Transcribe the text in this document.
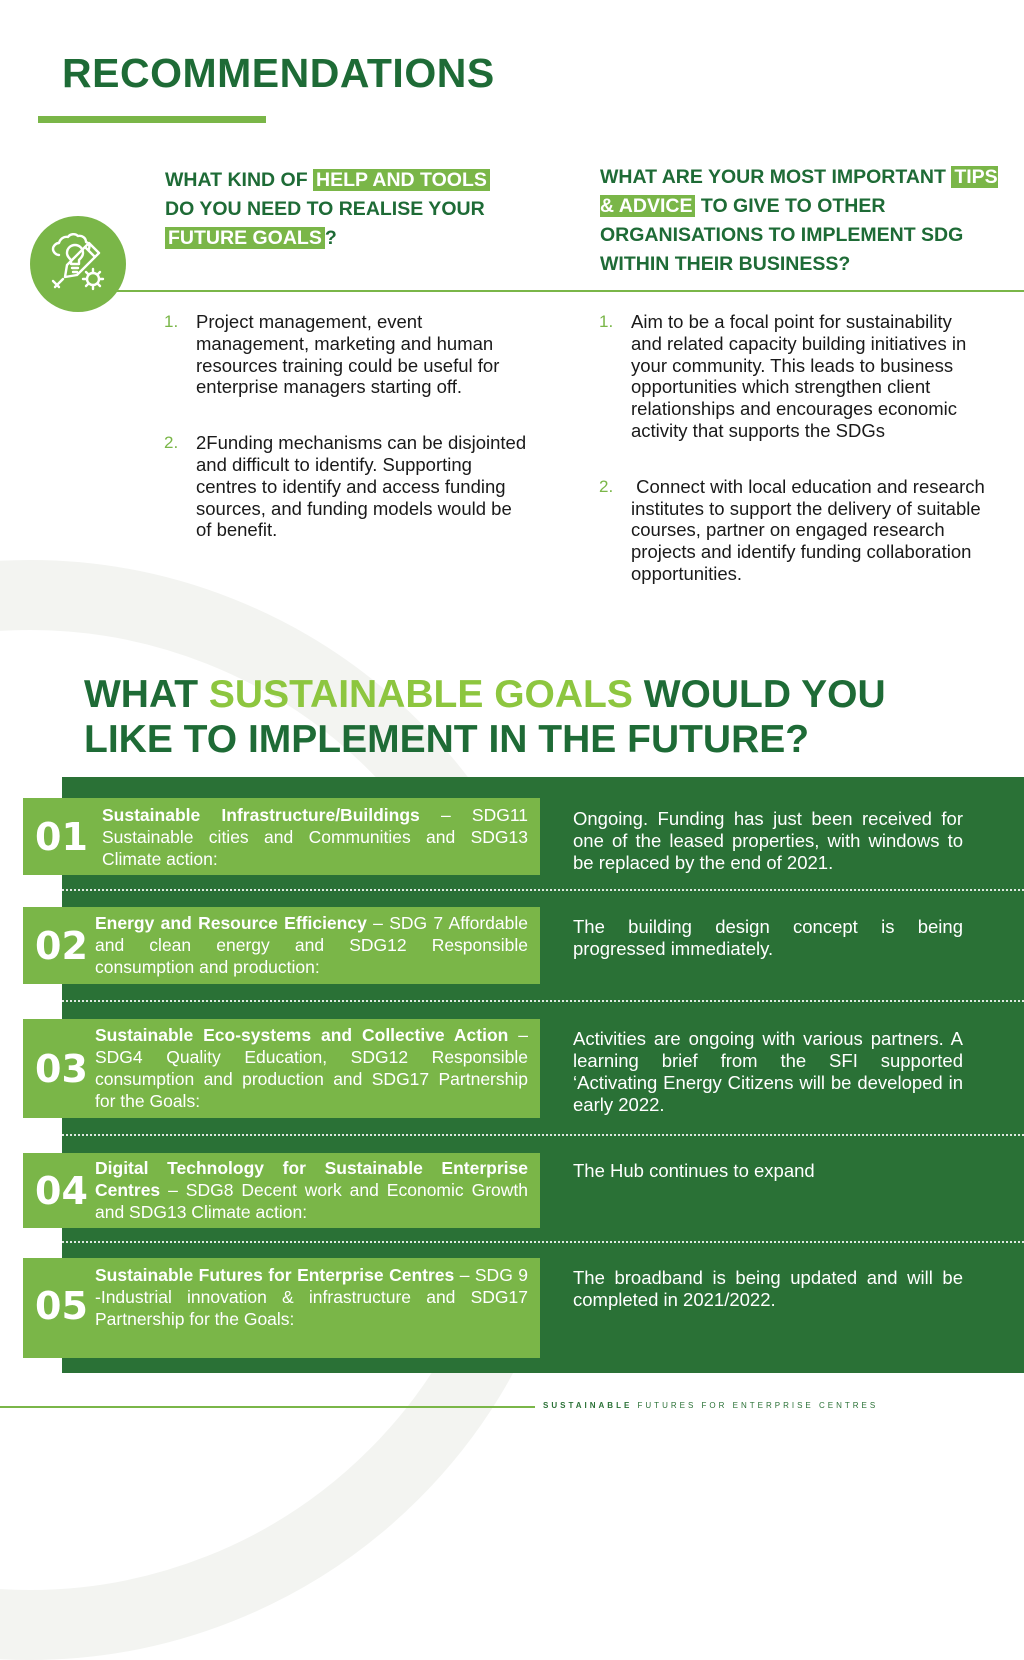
RECOMMENDATIONS

WHAT KIND OF HELP AND TOOLS DO YOU NEED TO REALISE YOUR FUTURE GOALS ?

WHAT ARE YOUR MOST IMPORTANT TIPS & ADVICE TO GIVE TO OTHER ORGANISATIONS TO IMPLEMENT SDG WITHIN THEIR BUSINESS?

1. Project management, event management, marketing and human resources training could be useful for enterprise managers starting off.
2. 2Funding mechanisms can be disjointed and difficult to identify. Supporting centres to identify and access funding sources, and funding models would be of benefit.
1. Aim to be a focal point for sustainability and related capacity building initiatives in your community. This leads to business opportunities which strengthen client relationships and encourages economic activity that supports the SDGs
2. Connect with local education and research institutes to support the delivery of suitable courses, partner on engaged research projects and identify funding collaboration opportunities.
WHAT SUSTAINABLE GOALS WOULD YOU LIKE TO IMPLEMENT IN THE FUTURE?
01 Sustainable Infrastructure/Buildings – SDG11 Sustainable cities and Communities and SDG13 Climate action:
Ongoing. Funding has just been received for one of the leased properties, with windows to be replaced by the end of 2021.
02
Energy and Resource Efficiency – SDG 7 Affordable and clean energy and SDG12 Responsible consumption and production:
The building design concept is being progressed immediately.
03
Sustainable Eco-systems and Collective Action – SDG4 Quality Education, SDG12 Responsible consumption and production and SDG17 Partnership for the Goals:
Activities are ongoing with various partners. A learning brief from the SFI supported ‘Activating Energy Citizens will be developed in early 2022.
04
Digital Technology for Sustainable Enterprise Centres – SDG8 Decent work and Economic Growth and SDG13 Climate action:
The Hub continues to expand
05
Sustainable Futures for Enterprise Centres – SDG 9 -Industrial innovation & infrastructure and SDG17 Partnership for the Goals:
The broadband is being updated and will be completed in 2021/2022.
SUSTAINABLE FUTURES FOR ENTERPRISE CENTRES
